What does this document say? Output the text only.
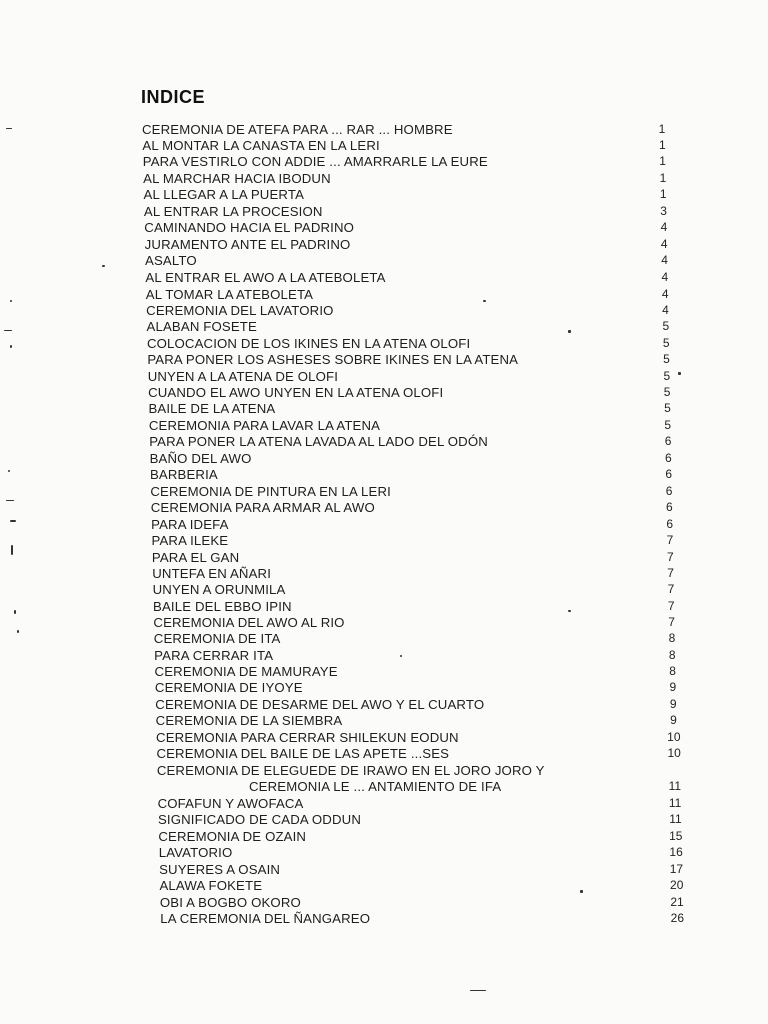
INDICE
CEREMONIA DE ATEFA PARA ... RAR ... HOMBRE	1
AL MONTAR LA CANASTA EN LA LERI	1
PARA VESTIRLO CON ADDIE ... AMARRARLE LA EURE	1
AL MARCHAR HACIA IBODUN	1
AL LLEGAR A LA PUERTA	1
AL ENTRAR LA PROCESION	3
CAMINANDO HACIA EL PADRINO	4
JURAMENTO ANTE EL PADRINO	4
ASALTO	4
AL ENTRAR EL AWO A LA ATEBOLETA	4
AL TOMAR LA ATEBOLETA	4
CEREMONIA DEL LAVATORIO	4
ALABAN FOSETE	5
COLOCACION DE LOS IKINES EN LA ATENA OLOFI	5
PARA PONER LOS ASHESES SOBRE IKINES EN LA ATENA	5
UNYEN A LA ATENA DE OLOFI	5
CUANDO EL AWO UNYEN EN LA ATENA OLOFI	5
BAILE DE LA ATENA	5
CEREMONIA PARA LAVAR LA ATENA	5
PARA PONER LA ATENA LAVADA AL LADO DEL ODÓN	6
BAÑO DEL AWO	6
BARBERIA	6
CEREMONIA DE PINTURA EN LA LERI	6
CEREMONIA PARA ARMAR AL AWO	6
PARA IDEFA	6
PARA ILEKE	7
PARA EL GAN	7
UNTEFA EN AÑARI	7
UNYEN A ORUNMILA	7
BAILE DEL EBBO IPIN	7
CEREMONIA DEL AWO AL RIO	7
CEREMONIA DE ITA	8
PARA CERRAR ITA	8
CEREMONIA DE MAMURAYE	8
CEREMONIA DE IYOYE	9
CEREMONIA DE DESARME DEL AWO Y EL CUARTO	9
CEREMONIA DE LA SIEMBRA	9
CEREMONIA PARA CERRAR SHILEKUN EODUN	10
CEREMONIA DEL BAILE DE LAS APETE ...SES	10
CEREMONIA DE ELEGUEDE DE IRAWO EN EL JORO JORO Y
CEREMONIA LE ... ANTAMIENTO DE IFA	11
COFAFUN Y AWOFACA	11
SIGNIFICADO DE CADA ODDUN	11
CEREMONIA DE OZAIN	15
LAVATORIO	16
SUYERES A OSAIN	17
ALAWA FOKETE	20
OBI A BOGBO OKORO	21
LA CEREMONIA DEL ÑANGAREO	26
